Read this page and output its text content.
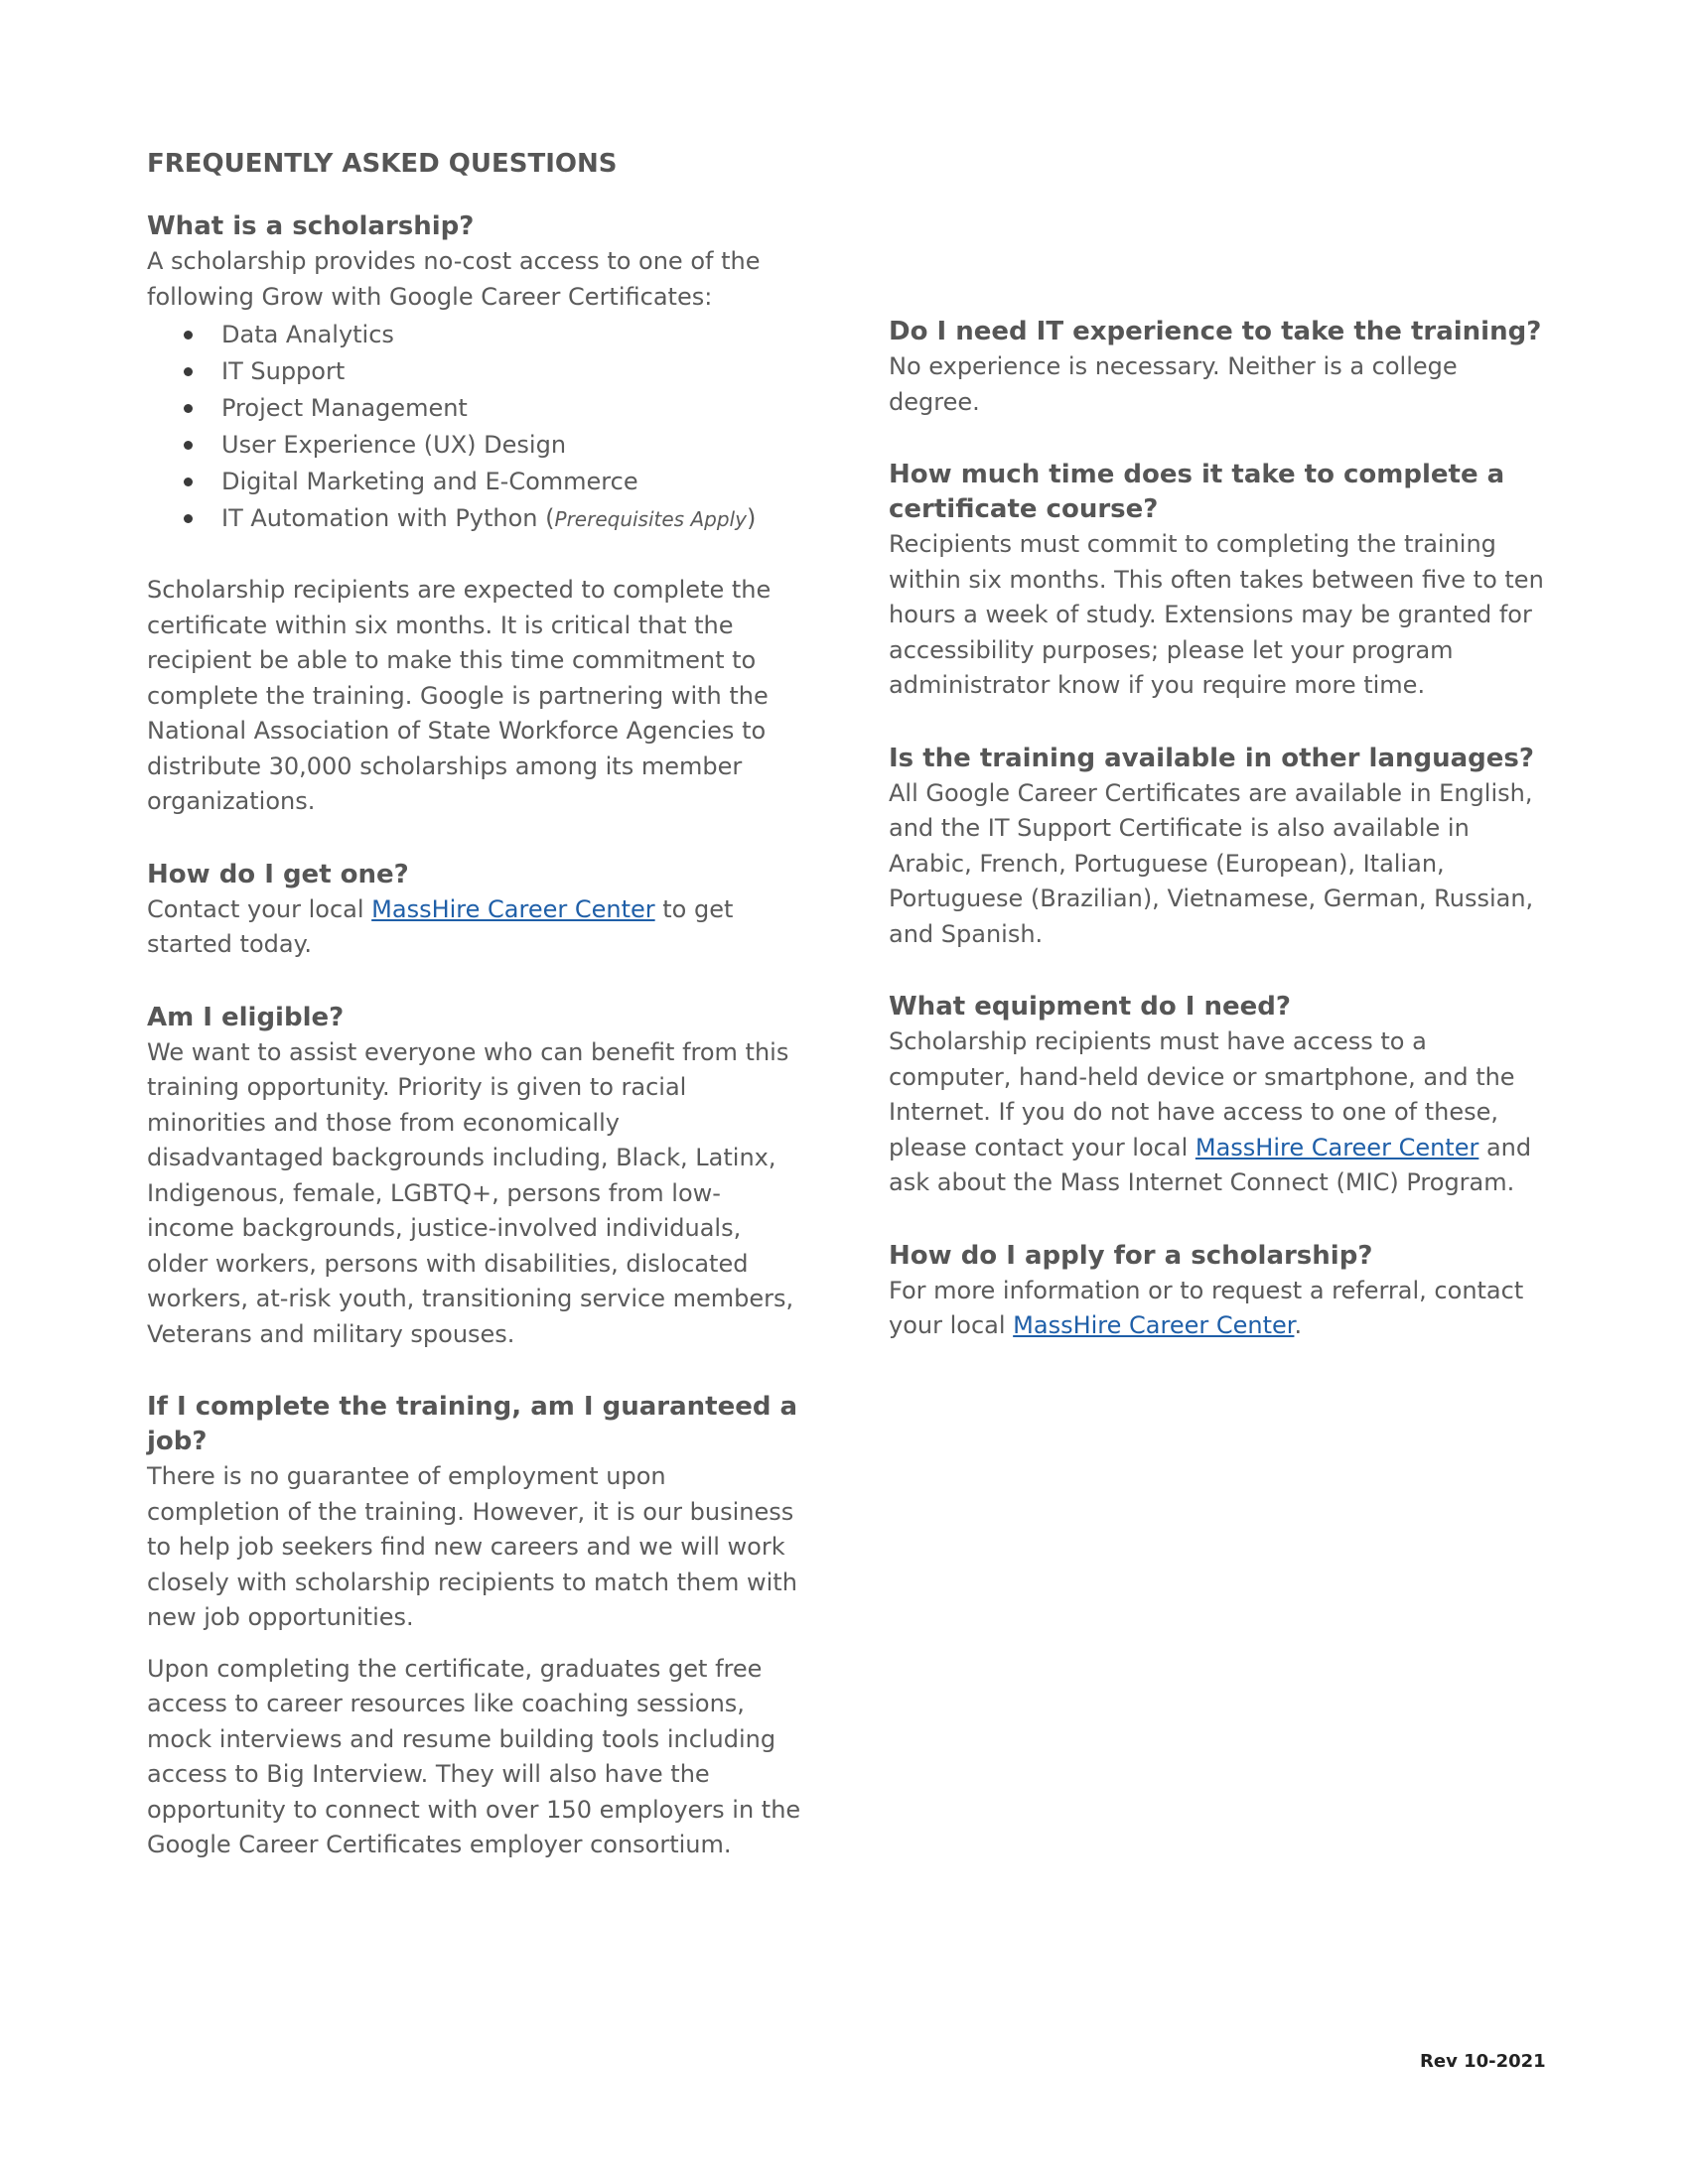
FREQUENTLY ASKED QUESTIONS
What is a scholarship?

A scholarship provides no-cost access to one of the following Grow with Google Career Certificates:

Data Analytics
IT Support
Project Management
User Experience (UX) Design
Digital Marketing and E-Commerce
IT Automation with Python (Prerequisites Apply)

Scholarship recipients are expected to complete the certificate within six months. It is critical that the recipient be able to make this time commitment to complete the training. Google is partnering with the National Association of State Workforce Agencies to distribute 30,000 scholarships among its member organizations.

How do I get one?

Contact your local MassHire Career Center to get started today.

Am I eligible?

We want to assist everyone who can benefit from this training opportunity. Priority is given to racial minorities and those from economically disadvantaged backgrounds including, Black, Latinx, Indigenous, female, LGBTQ+, persons from low-income backgrounds, justice-involved individuals, older workers, persons with disabilities, dislocated workers, at-risk youth, transitioning service members, Veterans and military spouses.

If I complete the training, am I guaranteed a job?

There is no guarantee of employment upon completion of the training. However, it is our business to help job seekers find new careers and we will work closely with scholarship recipients to match them with new job opportunities.

Upon completing the certificate, graduates get free access to career resources like coaching sessions, mock interviews and resume building tools including access to Big Interview. They will also have the opportunity to connect with over 150 employers in the Google Career Certificates employer consortium.

Do I need IT experience to take the training?

No experience is necessary. Neither is a college degree.

How much time does it take to complete a certificate course?

Recipients must commit to completing the training within six months. This often takes between five to ten hours a week of study. Extensions may be granted for accessibility purposes; please let your program administrator know if you require more time.

Is the training available in other languages?

All Google Career Certificates are available in English, and the IT Support Certificate is also available in Arabic, French, Portuguese (European), Italian, Portuguese (Brazilian), Vietnamese, German, Russian, and Spanish.

What equipment do I need?

Scholarship recipients must have access to a computer, hand-held device or smartphone, and the Internet. If you do not have access to one of these, please contact your local MassHire Career Center and ask about the Mass Internet Connect (MIC) Program.

How do I apply for a scholarship?

For more information or to request a referral, contact your local MassHire Career Center.

Rev 10-2021
